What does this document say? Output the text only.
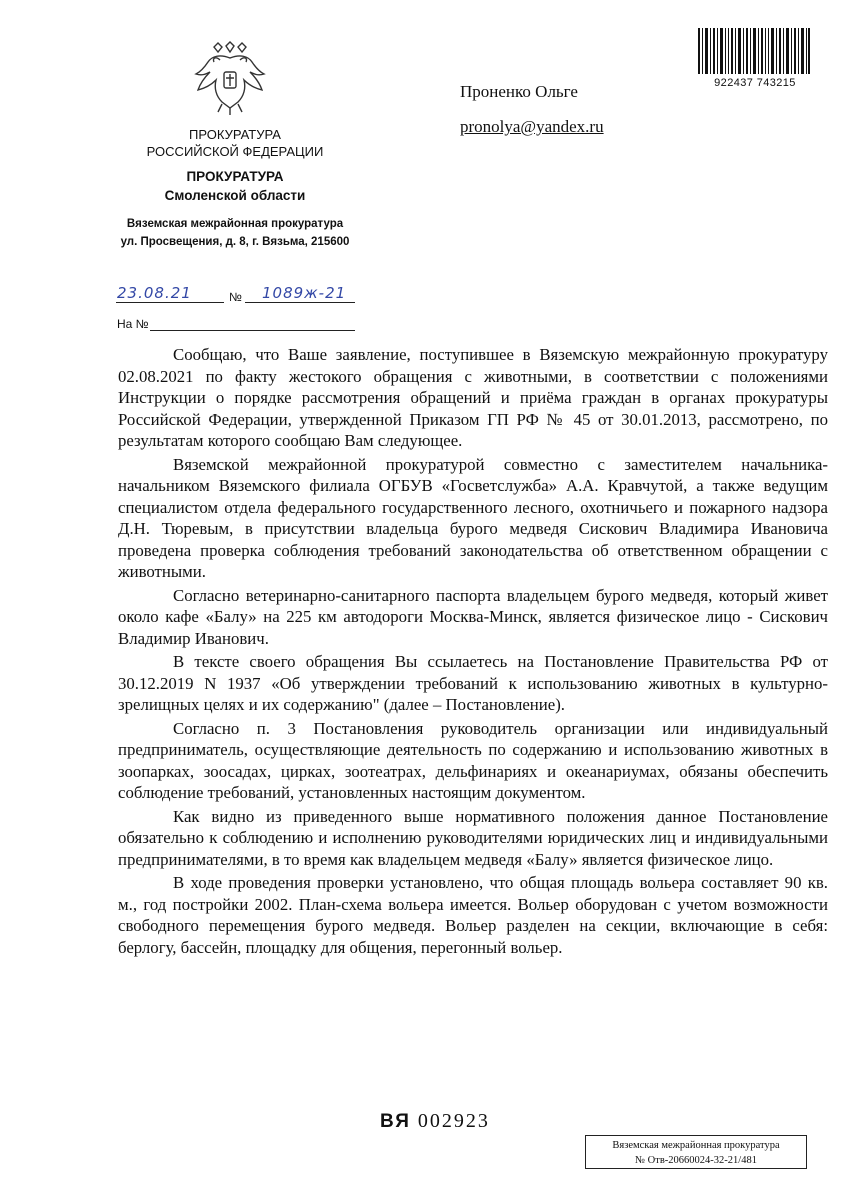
922437 743215
ПРОКУРАТУРА
РОССИЙСКОЙ ФЕДЕРАЦИИ
ПРОКУРАТУРА
Смоленской области
Вяземская межрайонная прокуратура
ул. Просвещения, д. 8, г. Вязьма, 215600
Проненко Ольге
pronolya@yandex.ru
23.08.21	№ 1089ж-21
На №

Сообщаю, что Ваше заявление, поступившее в Вяземскую межрайонную прокуратуру 02.08.2021 по факту жестокого обращения с животными, в соответствии с положениями Инструкции о порядке рассмотрения обращений и приёма граждан в органах прокуратуры Российской Федерации, утвержденной Приказом ГП РФ № 45 от 30.01.2013, рассмотрено, по результатам которого сообщаю Вам следующее.

Вяземской межрайонной прокуратурой совместно с заместителем начальника-начальником Вяземского филиала ОГБУВ «Госветслужба» А.А. Кравчутой, а также ведущим специалистом отдела федерального государственного лесного, охотничьего и пожарного надзора Д.Н. Тюревым, в присутствии владельца бурого медведя Сискович Владимира Ивановича проведена проверка соблюдения требований законодательства об ответственном обращении с животными.

Согласно ветеринарно-санитарного паспорта владельцем бурого медведя, который живет около кафе «Балу» на 225 км автодороги Москва-Минск, является физическое лицо - Сискович Владимир Иванович.

В тексте своего обращения Вы ссылаетесь на Постановление Правительства РФ от 30.12.2019 N 1937 «Об утверждении требований к использованию животных в культурно-зрелищных целях и их содержанию" (далее – Постановление).

Согласно п. 3 Постановления руководитель организации или индивидуальный предприниматель, осуществляющие деятельность по содержанию и использованию животных в зоопарках, зоосадах, цирках, зоотеатрах, дельфинариях и океанариумах, обязаны обеспечить соблюдение требований, установленных настоящим документом.

Как видно из приведенного выше нормативного положения данное Постановление обязательно к соблюдению и исполнению руководителями юридических лиц и индивидуальными предпринимателями, в то время как владельцем медведя «Балу» является физическое лицо.

В ходе проведения проверки установлено, что общая площадь вольера составляет 90 кв. м., год постройки 2002. План-схема вольера имеется. Вольер оборудован с учетом возможности свободного перемещения бурого медведя. Вольер разделен на секции, включающие в себя: берлогу, бассейн, площадку для общения, перегонный вольер.

ВЯ 002923
Вяземская межрайонная прокуратура
№ Отв-20660024-32-21/481
